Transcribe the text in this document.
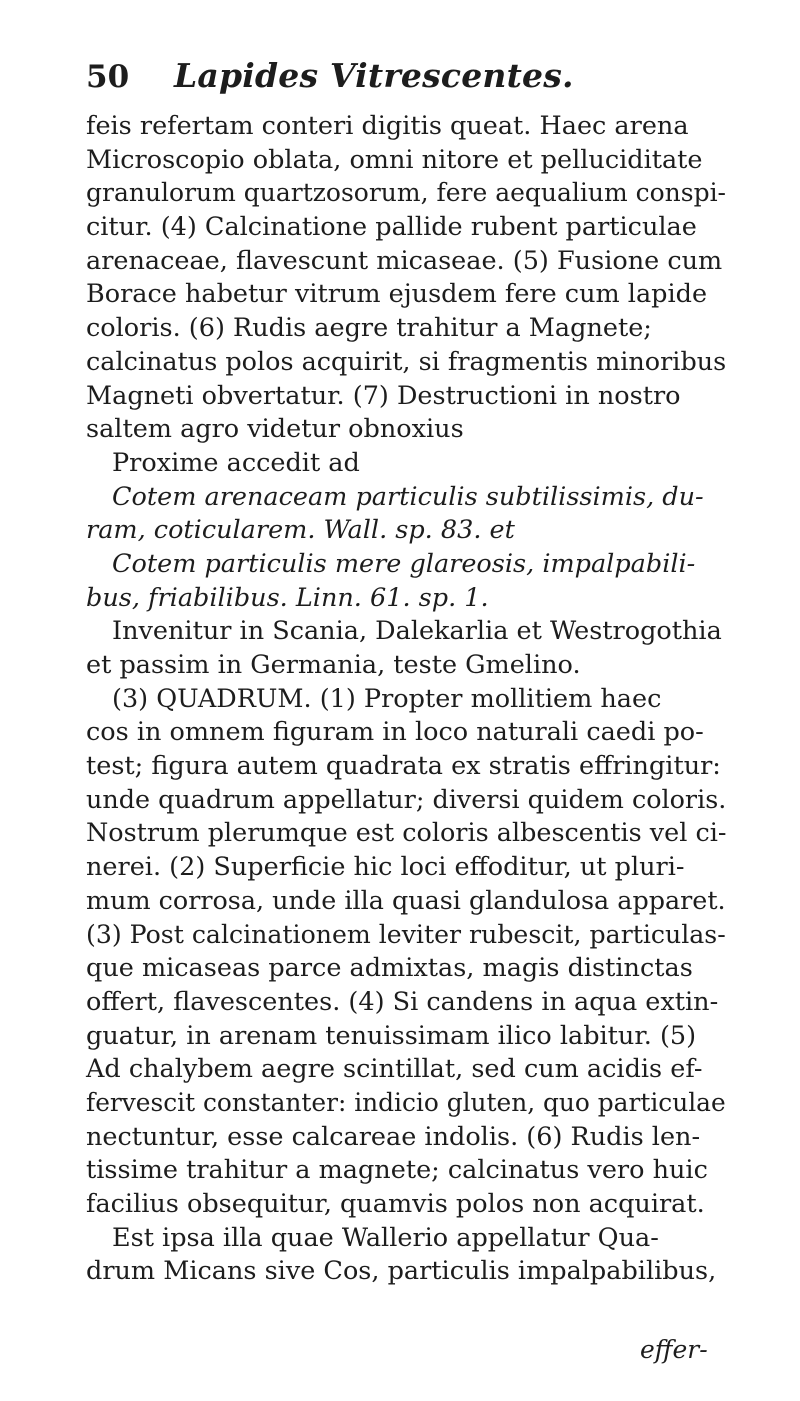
50	Lapides Vitrescentes.
feis refertam conteri digitis queat. Haec arena
Microscopio oblata, omni nitore et pelluciditate
granulorum quartzosorum, fere aequalium conspi-
citur. (4) Calcinatione pallide rubent particulae
arenaceae, flavescunt micaseae. (5) Fusione cum
Borace habetur vitrum ejusdem fere cum lapide
coloris. (6) Rudis aegre trahitur a Magnete;
calcinatus polos acquirit, si fragmentis minoribus
Magneti obvertatur. (7) Destructioni in nostro
saltem agro videtur obnoxius
Proxime accedit ad
Cotem arenaceam particulis subtilissimis, du-
ram, coticularem. Wall. sp. 83. et
Cotem particulis mere glareosis, impalpabili-
bus, friabilibus. Linn. 61. sp. 1.
Invenitur in Scania, Dalekarlia et Westrogothia
et passim in Germania, teste Gmelino.
(3) QUADRUM. (1) Propter mollitiem haec
cos in omnem figuram in loco naturali caedi po-
test; figura autem quadrata ex stratis effringitur:
unde quadrum appellatur; diversi quidem coloris.
Nostrum plerumque est coloris albescentis vel ci-
nerei. (2) Superficie hic loci effoditur, ut pluri-
mum corrosa, unde illa quasi glandulosa apparet.
(3) Post calcinationem leviter rubescit, particulas-
que micaseas parce admixtas, magis distinctas
offert, flavescentes. (4) Si candens in aqua extin-
guatur, in arenam tenuissimam ilico labitur. (5)
Ad chalybem aegre scintillat, sed cum acidis ef-
fervescit constanter: indicio gluten, quo particulae
nectuntur, esse calcareae indolis. (6) Rudis len-
tissime trahitur a magnete; calcinatus vero huic
facilius obsequitur, quamvis polos non acquirat.
Est ipsa illa quae Wallerio appellatur Qua-
drum Micans sive Cos, particulis impalpabilibus,
effer-
